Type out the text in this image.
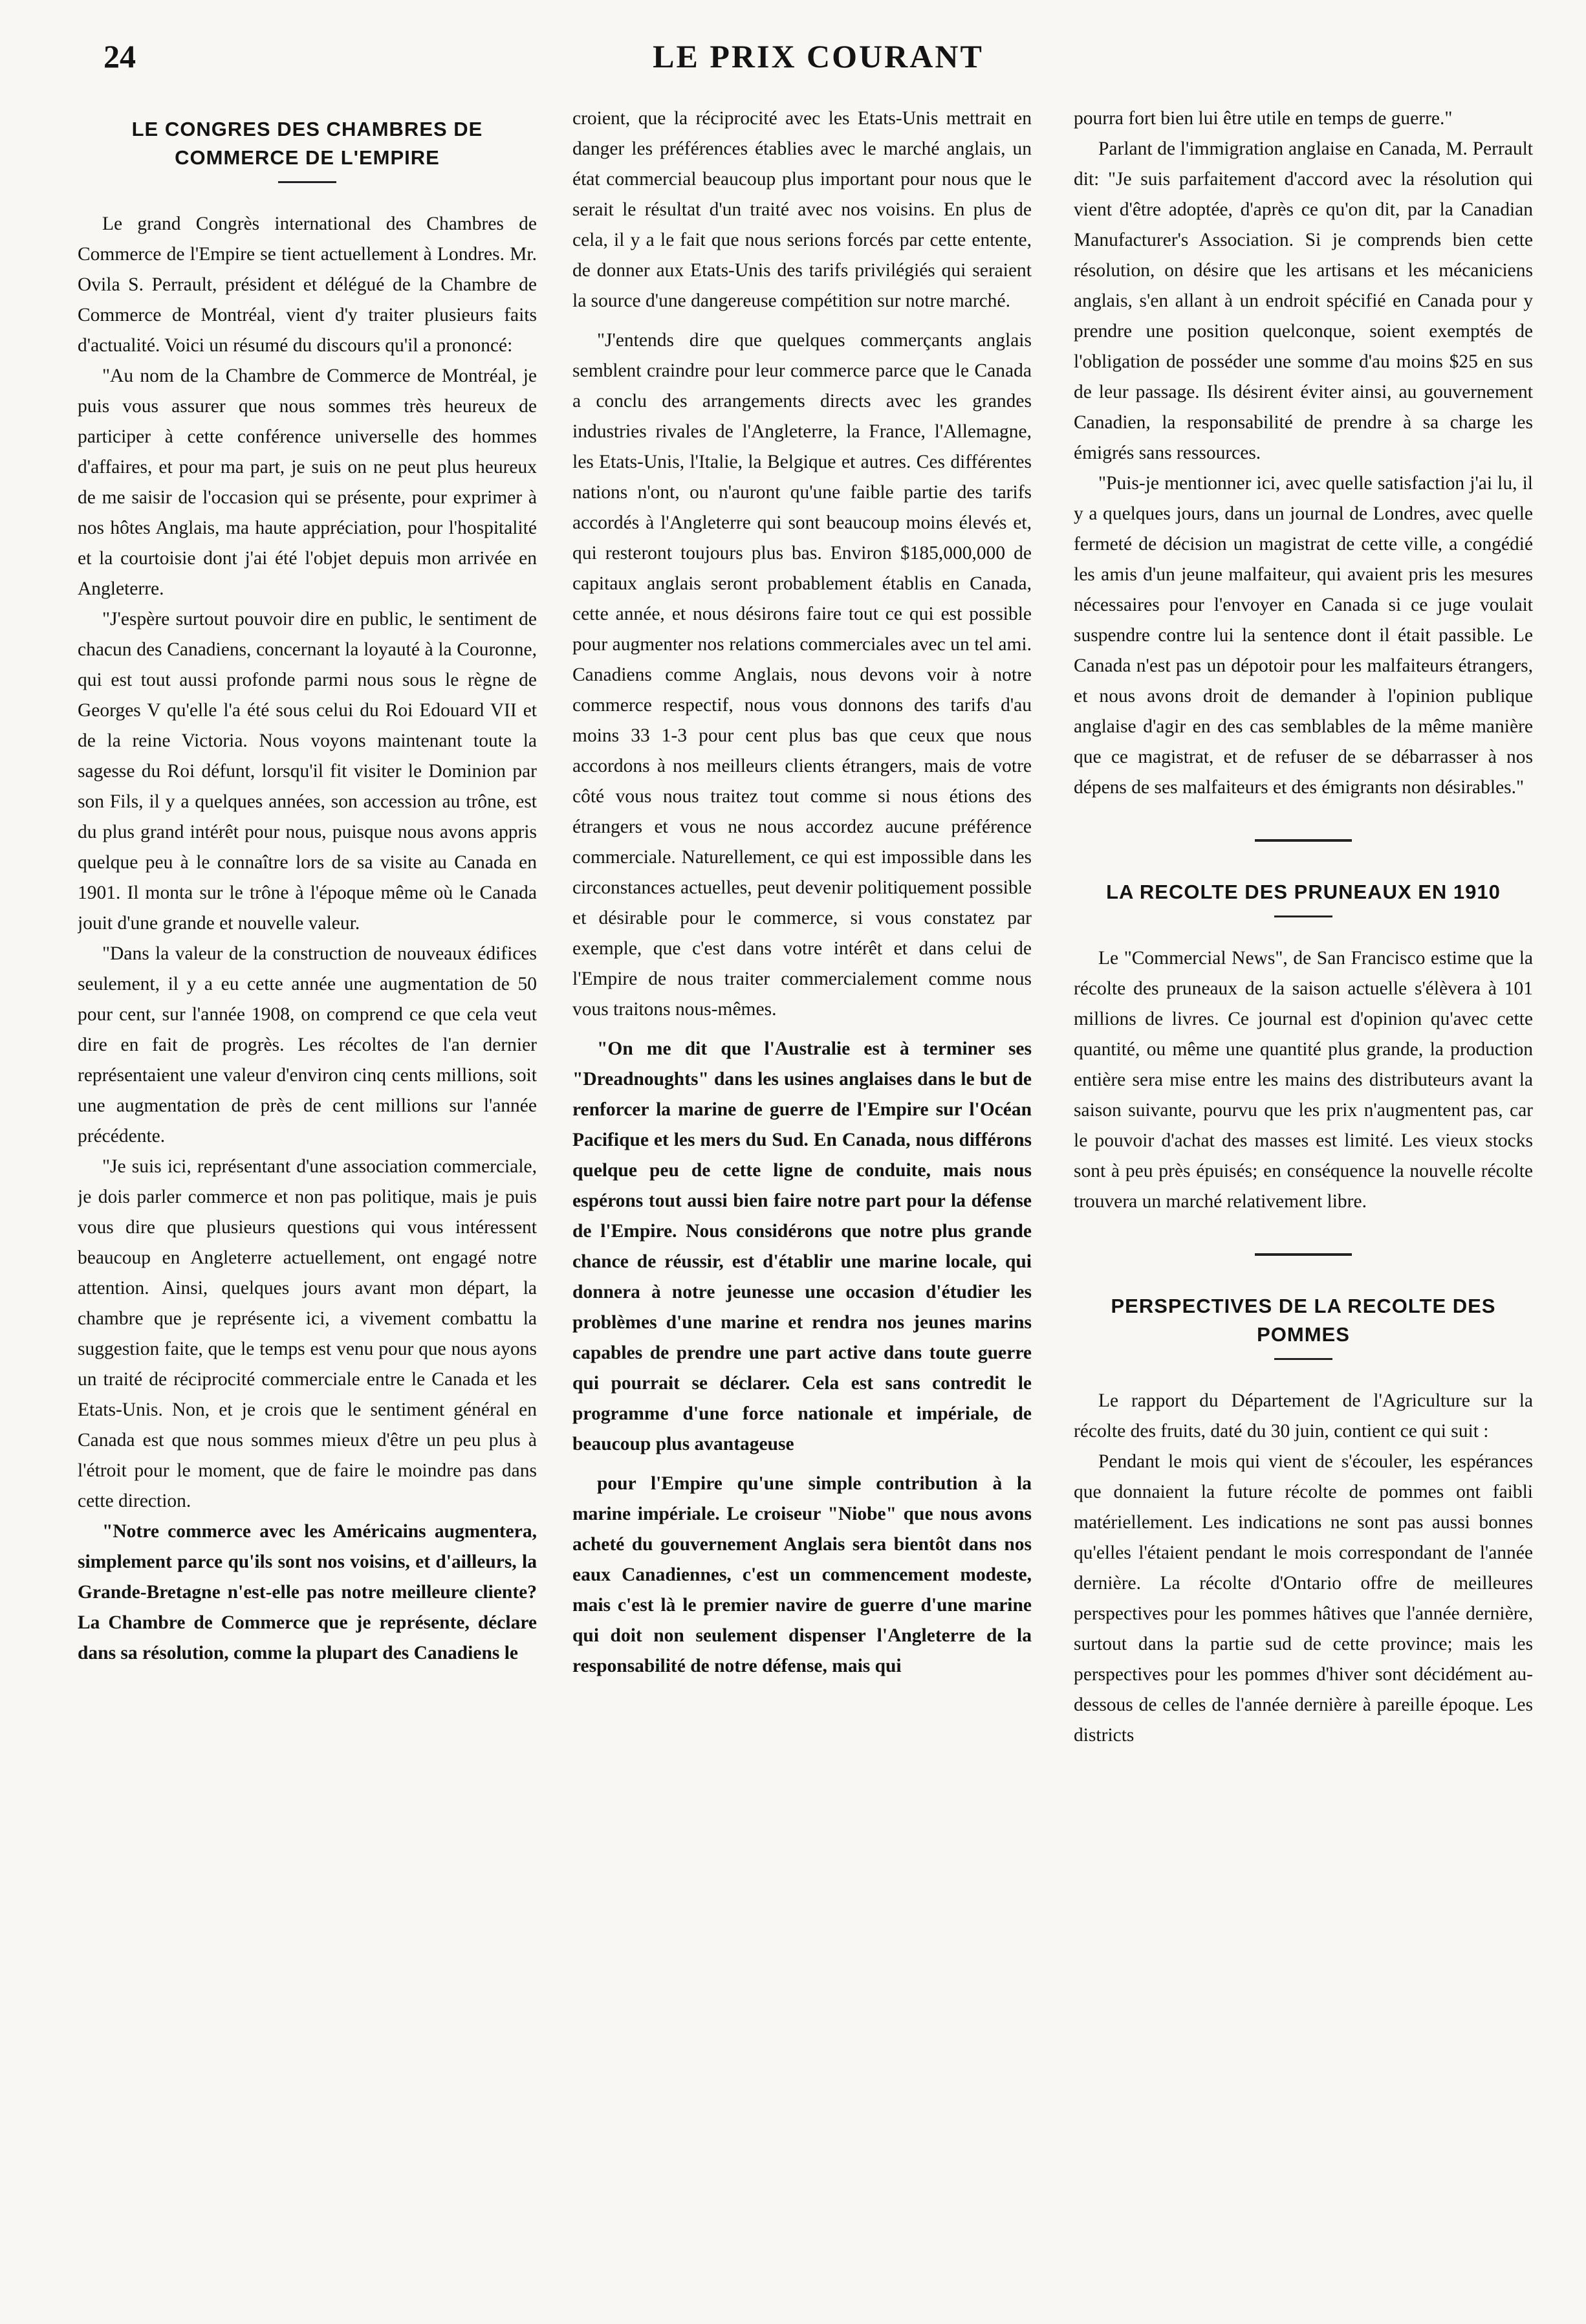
24	LE PRIX COURANT
LE CONGRES DES CHAMBRES DE COMMERCE DE L'EMPIRE

Le grand Congrès international des Chambres de Commerce de l'Empire se tient actuellement à Londres. Mr. Ovila S. Perrault, président et délégué de la Chambre de Commerce de Montréal, vient d'y traiter plusieurs faits d'actualité. Voici un résumé du discours qu'il a prononcé:

"Au nom de la Chambre de Commerce de Montréal, je puis vous assurer que nous sommes très heureux de participer à cette conférence universelle des hommes d'affaires, et pour ma part, je suis on ne peut plus heureux de me saisir de l'occasion qui se présente, pour exprimer à nos hôtes Anglais, ma haute appréciation, pour l'hospitalité et la courtoisie dont j'ai été l'objet depuis mon arrivée en Angleterre.

"J'espère surtout pouvoir dire en public, le sentiment de chacun des Canadiens, concernant la loyauté à la Couronne, qui est tout aussi profonde parmi nous sous le règne de Georges V qu'elle l'a été sous celui du Roi Edouard VII et de la reine Victoria. Nous voyons maintenant toute la sagesse du Roi défunt, lorsqu'il fit visiter le Dominion par son Fils, il y a quelques années, son accession au trône, est du plus grand intérêt pour nous, puisque nous avons appris quelque peu à le connaître lors de sa visite au Canada en 1901. Il monta sur le trône à l'époque même où le Canada jouit d'une grande et nouvelle valeur.

"Dans la valeur de la construction de nouveaux édifices seulement, il y a eu cette année une augmentation de 50 pour cent, sur l'année 1908, on comprend ce que cela veut dire en fait de progrès. Les récoltes de l'an dernier représentaient une valeur d'environ cinq cents millions, soit une augmentation de près de cent millions sur l'année précédente.

"Je suis ici, représentant d'une association commerciale, je dois parler commerce et non pas politique, mais je puis vous dire que plusieurs questions qui vous intéressent beaucoup en Angleterre actuellement, ont engagé notre attention. Ainsi, quelques jours avant mon départ, la chambre que je représente ici, a vivement combattu la suggestion faite, que le temps est venu pour que nous ayons un traité de réciprocité commerciale entre le Canada et les Etats-Unis. Non, et je crois que le sentiment général en Canada est que nous sommes mieux d'être un peu plus à l'étroit pour le moment, que de faire le moindre pas dans cette direction.

"Notre commerce avec les Américains augmentera, simplement parce qu'ils sont nos voisins, et d'ailleurs, la Grande-Bretagne n'est-elle pas notre meilleure cliente? La Chambre de Commerce que je représente, déclare dans sa résolution, comme la plupart des Canadiens le

croient, que la réciprocité avec les Etats-Unis mettrait en danger les préférences établies avec le marché anglais, un état commercial beaucoup plus important pour nous que le serait le résultat d'un traité avec nos voisins. En plus de cela, il y a le fait que nous serions forcés par cette entente, de donner aux Etats-Unis des tarifs privilégiés qui seraient la source d'une dangereuse compétition sur notre marché.

"J'entends dire que quelques commerçants anglais semblent craindre pour leur commerce parce que le Canada a conclu des arrangements directs avec les grandes industries rivales de l'Angleterre, la France, l'Allemagne, les Etats-Unis, l'Italie, la Belgique et autres. Ces différentes nations n'ont, ou n'auront qu'une faible partie des tarifs accordés à l'Angleterre qui sont beaucoup moins élevés et, qui resteront toujours plus bas. Environ $185,000,000 de capitaux anglais seront probablement établis en Canada, cette année, et nous désirons faire tout ce qui est possible pour augmenter nos relations commerciales avec un tel ami. Canadiens comme Anglais, nous devons voir à notre commerce respectif, nous vous donnons des tarifs d'au moins 33 1-3 pour cent plus bas que ceux que nous accordons à nos meilleurs clients étrangers, mais de votre côté vous nous traitez tout comme si nous étions des étrangers et vous ne nous accordez aucune préférence commerciale. Naturellement, ce qui est impossible dans les circonstances actuelles, peut devenir politiquement possible et désirable pour le commerce, si vous constatez par exemple, que c'est dans votre intérêt et dans celui de l'Empire de nous traiter commercialement comme nous vous traitons nous-mêmes.

"On me dit que l'Australie est à terminer ses "Dreadnoughts" dans les usines anglaises dans le but de renforcer la marine de guerre de l'Empire sur l'Océan Pacifique et les mers du Sud. En Canada, nous différons quelque peu de cette ligne de conduite, mais nous espérons tout aussi bien faire notre part pour la défense de l'Empire. Nous considérons que notre plus grande chance de réussir, est d'établir une marine locale, qui donnera à notre jeunesse une occasion d'étudier les problèmes d'une marine et rendra nos jeunes marins capables de prendre une part active dans toute guerre qui pourrait se déclarer. Cela est sans contredit le programme d'une force nationale et impériale, de beaucoup plus avantageuse

pour l'Empire qu'une simple contribution à la marine impériale. Le croiseur "Niobe" que nous avons acheté du gouvernement Anglais sera bientôt dans nos eaux Canadiennes, c'est un commencement modeste, mais c'est là le premier navire de guerre d'une marine qui doit non seulement dispenser l'Angleterre de la responsabilité de notre défense, mais qui

pourra fort bien lui être utile en temps de guerre."

Parlant de l'immigration anglaise en Canada, M. Perrault dit: "Je suis parfaitement d'accord avec la résolution qui vient d'être adoptée, d'après ce qu'on dit, par la Canadian Manufacturer's Association. Si je comprends bien cette résolution, on désire que les artisans et les mécaniciens anglais, s'en allant à un endroit spécifié en Canada pour y prendre une position quelconque, soient exemptés de l'obligation de posséder une somme d'au moins $25 en sus de leur passage. Ils désirent éviter ainsi, au gouvernement Canadien, la responsabilité de prendre à sa charge les émigrés sans ressources.

"Puis-je mentionner ici, avec quelle satisfaction j'ai lu, il y a quelques jours, dans un journal de Londres, avec quelle fermeté de décision un magistrat de cette ville, a congédié les amis d'un jeune malfaiteur, qui avaient pris les mesures nécessaires pour l'envoyer en Canada si ce juge voulait suspendre contre lui la sentence dont il était passible. Le Canada n'est pas un dépotoir pour les malfaiteurs étrangers, et nous avons droit de demander à l'opinion publique anglaise d'agir en des cas semblables de la même manière que ce magistrat, et de refuser de se débarrasser à nos dépens de ses malfaiteurs et des émigrants non désirables."

LA RECOLTE DES PRUNEAUX EN 1910

Le "Commercial News", de San Francisco estime que la récolte des pruneaux de la saison actuelle s'élèvera à 101 millions de livres. Ce journal est d'opinion qu'avec cette quantité, ou même une quantité plus grande, la production entière sera mise entre les mains des distributeurs avant la saison suivante, pourvu que les prix n'augmentent pas, car le pouvoir d'achat des masses est limité. Les vieux stocks sont à peu près épuisés; en conséquence la nouvelle récolte trouvera un marché relativement libre.

PERSPECTIVES DE LA RECOLTE DES POMMES

Le rapport du Département de l'Agriculture sur la récolte des fruits, daté du 30 juin, contient ce qui suit :

Pendant le mois qui vient de s'écouler, les espérances que donnaient la future récolte de pommes ont faibli matériellement. Les indications ne sont pas aussi bonnes qu'elles l'étaient pendant le mois correspondant de l'année dernière. La récolte d'Ontario offre de meilleures perspectives pour les pommes hâtives que l'année dernière, surtout dans la partie sud de cette province; mais les perspectives pour les pommes d'hiver sont décidément au-dessous de celles de l'année dernière à pareille époque. Les districts
